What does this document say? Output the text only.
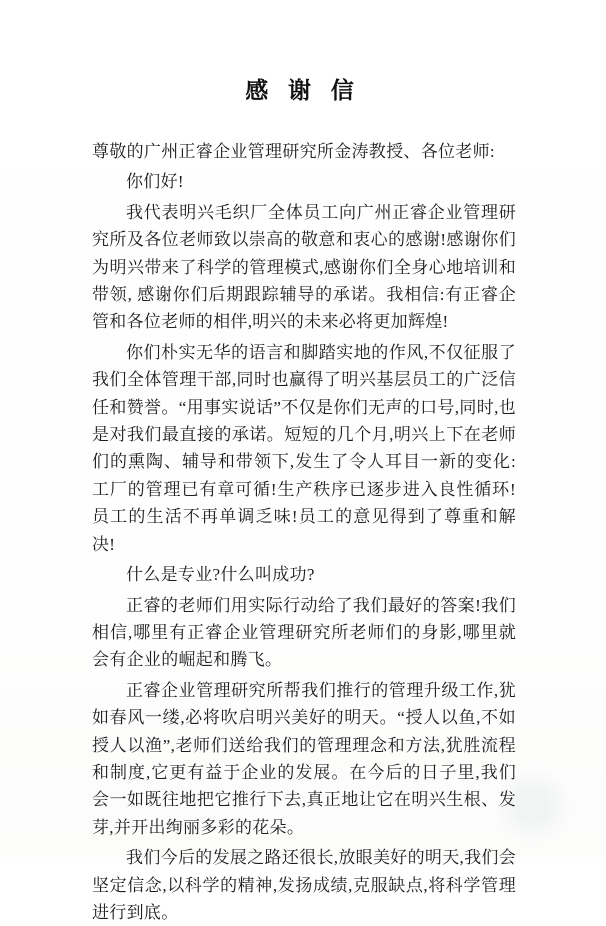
感 谢 信

尊敬的广州正睿企业管理研究所金涛教授、各位老师:

你们好!

我代表明兴毛织厂全体员工向广州正睿企业管理研究所及各位老师致以崇高的敬意和衷心的感谢!感谢你们为明兴带来了科学的管理模式,感谢你们全身心地培训和带领, 感谢你们后期跟踪辅导的承诺。我相信:有正睿企管和各位老师的相伴,明兴的未来必将更加辉煌!

你们朴实无华的语言和脚踏实地的作风,不仅征服了我们全体管理干部,同时也赢得了明兴基层员工的广泛信任和赞誉。“用事实说话”不仅是你们无声的口号,同时,也是对我们最直接的承诺。短短的几个月,明兴上下在老师们的熏陶、辅导和带领下,发生了令人耳目一新的变化:工厂的管理已有章可循!生产秩序已逐步进入良性循环!员工的生活不再单调乏味!员工的意见得到了尊重和解决!

什么是专业?什么叫成功?

正睿的老师们用实际行动给了我们最好的答案!我们相信,哪里有正睿企业管理研究所老师们的身影,哪里就会有企业的崛起和腾飞。

正睿企业管理研究所帮我们推行的管理升级工作,犹如春风一缕,必将吹启明兴美好的明天。“授人以鱼,不如授人以渔”,老师们送给我们的管理理念和方法,犹胜流程和制度,它更有益于企业的发展。在今后的日子里,我们会一如既往地把它推行下去,真正地让它在明兴生根、发芽,并开出绚丽多彩的花朵。

我们今后的发展之路还很长,放眼美好的明天,我们会坚定信念,以科学的精神,发扬成绩,克服缺点,将科学管理进行到底。
